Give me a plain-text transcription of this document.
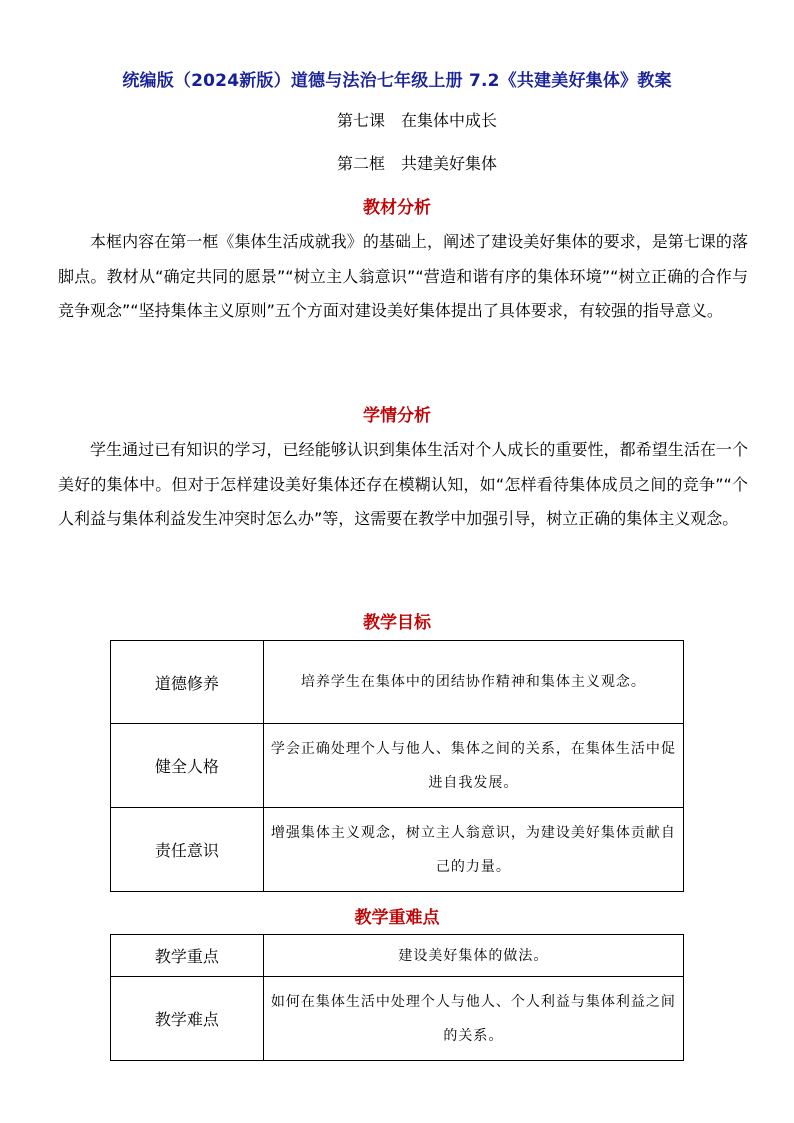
统编版（2024新版）道德与法治七年级上册 7.2《共建美好集体》教案
第七课　在集体中成长
第二框　共建美好集体
教材分析

本框内容在第一框《集体生活成就我》的基础上，阐述了建设美好集体的要求，是第七课的落脚点。教材从“确定共同的愿景”“树立主人翁意识”“营造和谐有序的集体环境”“树立正确的合作与竞争观念”“坚持集体主义原则”五个方面对建设美好集体提出了具体要求，有较强的指导意义。

学情分析

学生通过已有知识的学习，已经能够认识到集体生活对个人成长的重要性，都希望生活在一个美好的集体中。但对于怎样建设美好集体还存在模糊认知，如“怎样看待集体成员之间的竞争”“个人利益与集体利益发生冲突时怎么办”等，这需要在教学中加强引导，树立正确的集体主义观念。

教学目标
道德修养	培养学生在集体中的团结协作精神和集体主义观念。
健全人格	学会正确处理个人与他人、集体之间的关系，在集体生活中促进自我发展。
责任意识	增强集体主义观念，树立主人翁意识，为建设美好集体贡献自己的力量。
教学重难点
教学重点	建设美好集体的做法。
教学难点	如何在集体生活中处理个人与他人、个人利益与集体利益之间的关系。
